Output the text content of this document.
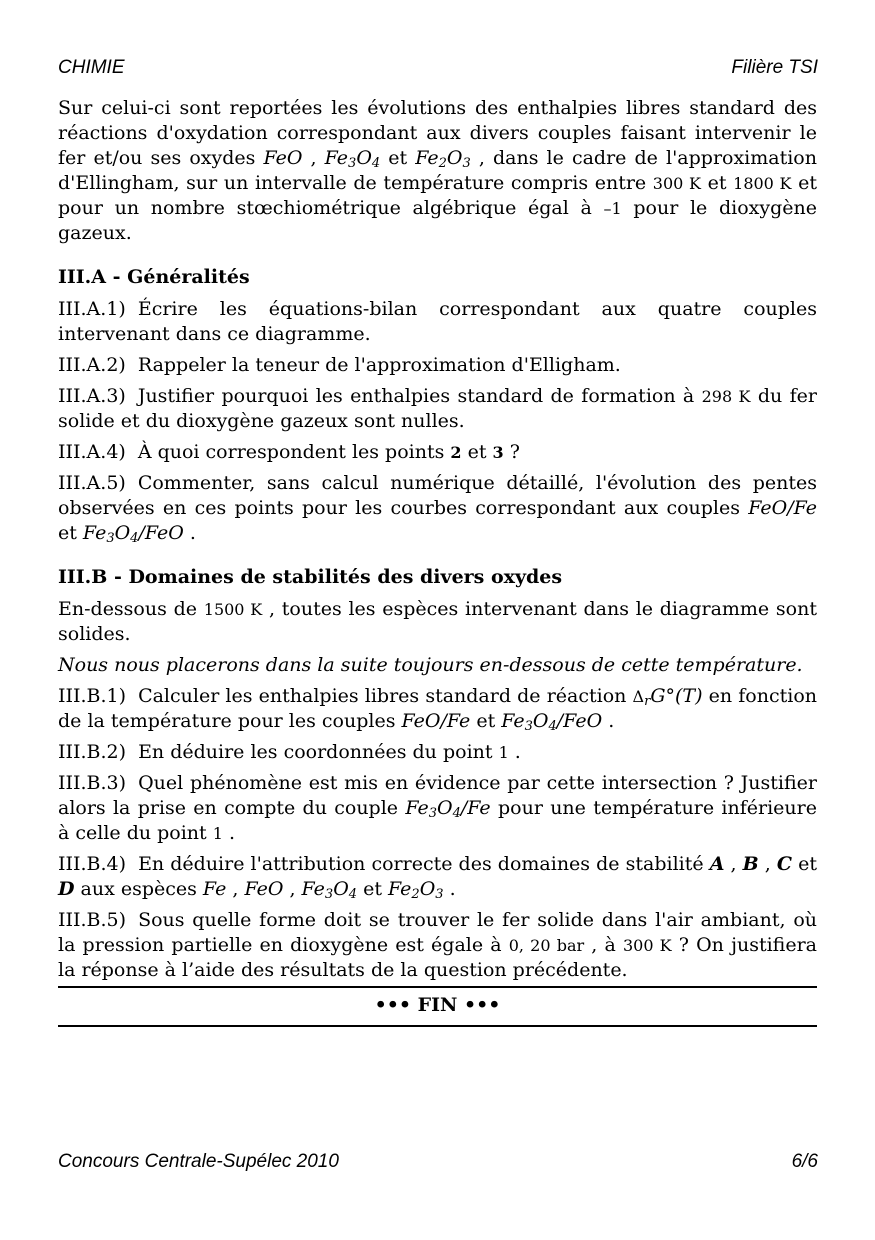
CHIMIE	Filière TSI

Sur celui-ci sont reportées les évolutions des enthalpies libres standard des réactions d'oxydation correspondant aux divers couples faisant intervenir le fer et/ou ses oxydes FeO , $Fe_3O_4$ et $Fe_2O_3$ , dans le cadre de l'approximation d'Ellingham, sur un intervalle de température compris entre 300 K et 1800 K et pour un nombre stœchiométrique algébrique égal à –1 pour le dioxygène gazeux.

III.A - Généralités

III.A.1) Écrire les équations-bilan correspondant aux quatre couples intervenant dans ce diagramme.

III.A.2) Rappeler la teneur de l'approximation d'Elligham.

III.A.3) Justifier pourquoi les enthalpies standard de formation à 298 K du fer solide et du dioxygène gazeux sont nulles.

III.A.4) À quoi correspondent les points 2 et 3 ?

III.A.5) Commenter, sans calcul numérique détaillé, l'évolution des pentes observées en ces points pour les courbes correspondant aux couples FeO/Fe et $Fe_3O_4$/FeO .

III.B - Domaines de stabilités des divers oxydes

En-dessous de 1500 K , toutes les espèces intervenant dans le diagramme sont solides.

Nous nous placerons dans la suite toujours en-dessous de cette température.

III.B.1) Calculer les enthalpies libres standard de réaction $\Delta_rG^\circ(T)$ en fonction de la température pour les couples FeO/Fe et $Fe_3O_4$/FeO .

III.B.2) En déduire les coordonnées du point 1 .

III.B.3) Quel phénomène est mis en évidence par cette intersection ? Justifier alors la prise en compte du couple $Fe_3O_4/Fe$ pour une température inférieure à celle du point 1 .

III.B.4) En déduire l'attribution correcte des domaines de stabilité A , B , C et D aux espèces Fe , FeO , $Fe_3O_4$ et $Fe_2O_3$ .

III.B.5) Sous quelle forme doit se trouver le fer solide dans l'air ambiant, où la pression partielle en dioxygène est égale à 0, 20 bar , à 300 K ? On justifiera la réponse à l’aide des résultats de la question précédente.

••• FIN •••
Concours Centrale-Supélec 2010	6/6
